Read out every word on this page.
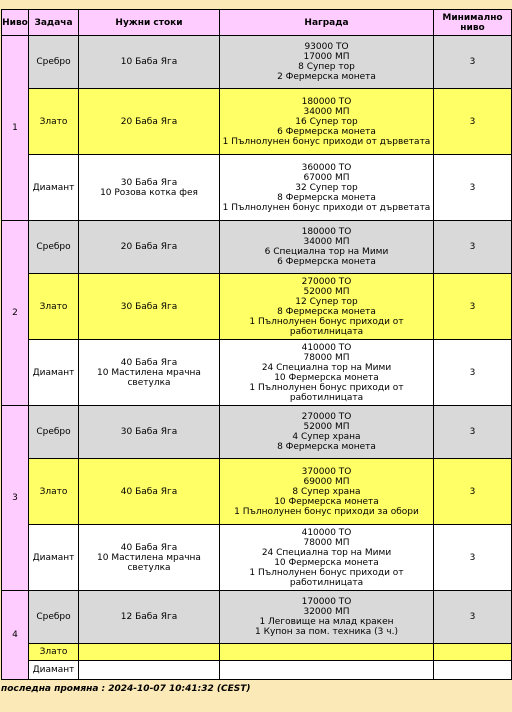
Ниво	Задача	Нужни стоки	Награда	Минимално ниво
1	Сребро	10 Баба Яга	93000 ТО
17000 МП
8 Супер тор
2 Фермерска монета	3
	Злато	20 Баба Яга	180000 ТО
34000 МП
16 Супер тор
6 Фермерска монета
1 Пълнолунен бонус приходи от дърветата	3
	Диамант	30 Баба Яга
10 Розова котка фея	360000 ТО
67000 МП
32 Супер тор
8 Фермерска монета
1 Пълнолунен бонус приходи от дърветата	3
2	Сребро	20 Баба Яга	180000 ТО
34000 МП
6 Специална тор на Мими
6 Фермерска монета	3
	Злато	30 Баба Яга	270000 ТО
52000 МП
12 Супер тор
8 Фермерска монета
1 Пълнолунен бонус приходи от работилницата	3
	Диамант	40 Баба Яга
10 Мастилена мрачна светулка	410000 ТО
78000 МП
24 Специална тор на Мими
10 Фермерска монета
1 Пълнолунен бонус приходи от работилницата	3
3	Сребро	30 Баба Яга	270000 ТО
52000 МП
4 Супер храна
8 Фермерска монета	3
	Злато	40 Баба Яга	370000 ТО
69000 МП
8 Супер храна
10 Фермерска монета
1 Пълнолунен бонус приходи за обори	3
	Диамант	40 Баба Яга
10 Мастилена мрачна светулка	410000 ТО
78000 МП
24 Специална тор на Мими
10 Фермерска монета
1 Пълнолунен бонус приходи от работилницата	3
4	Сребро	12 Баба Яга	170000 ТО
32000 МП
1 Леговище на млад кракен
1 Купон за пом. техника (3 ч.)	3
	Злато			
	Диамант			
последна промяна : 2024-10-07 10:41:32 (CEST)
